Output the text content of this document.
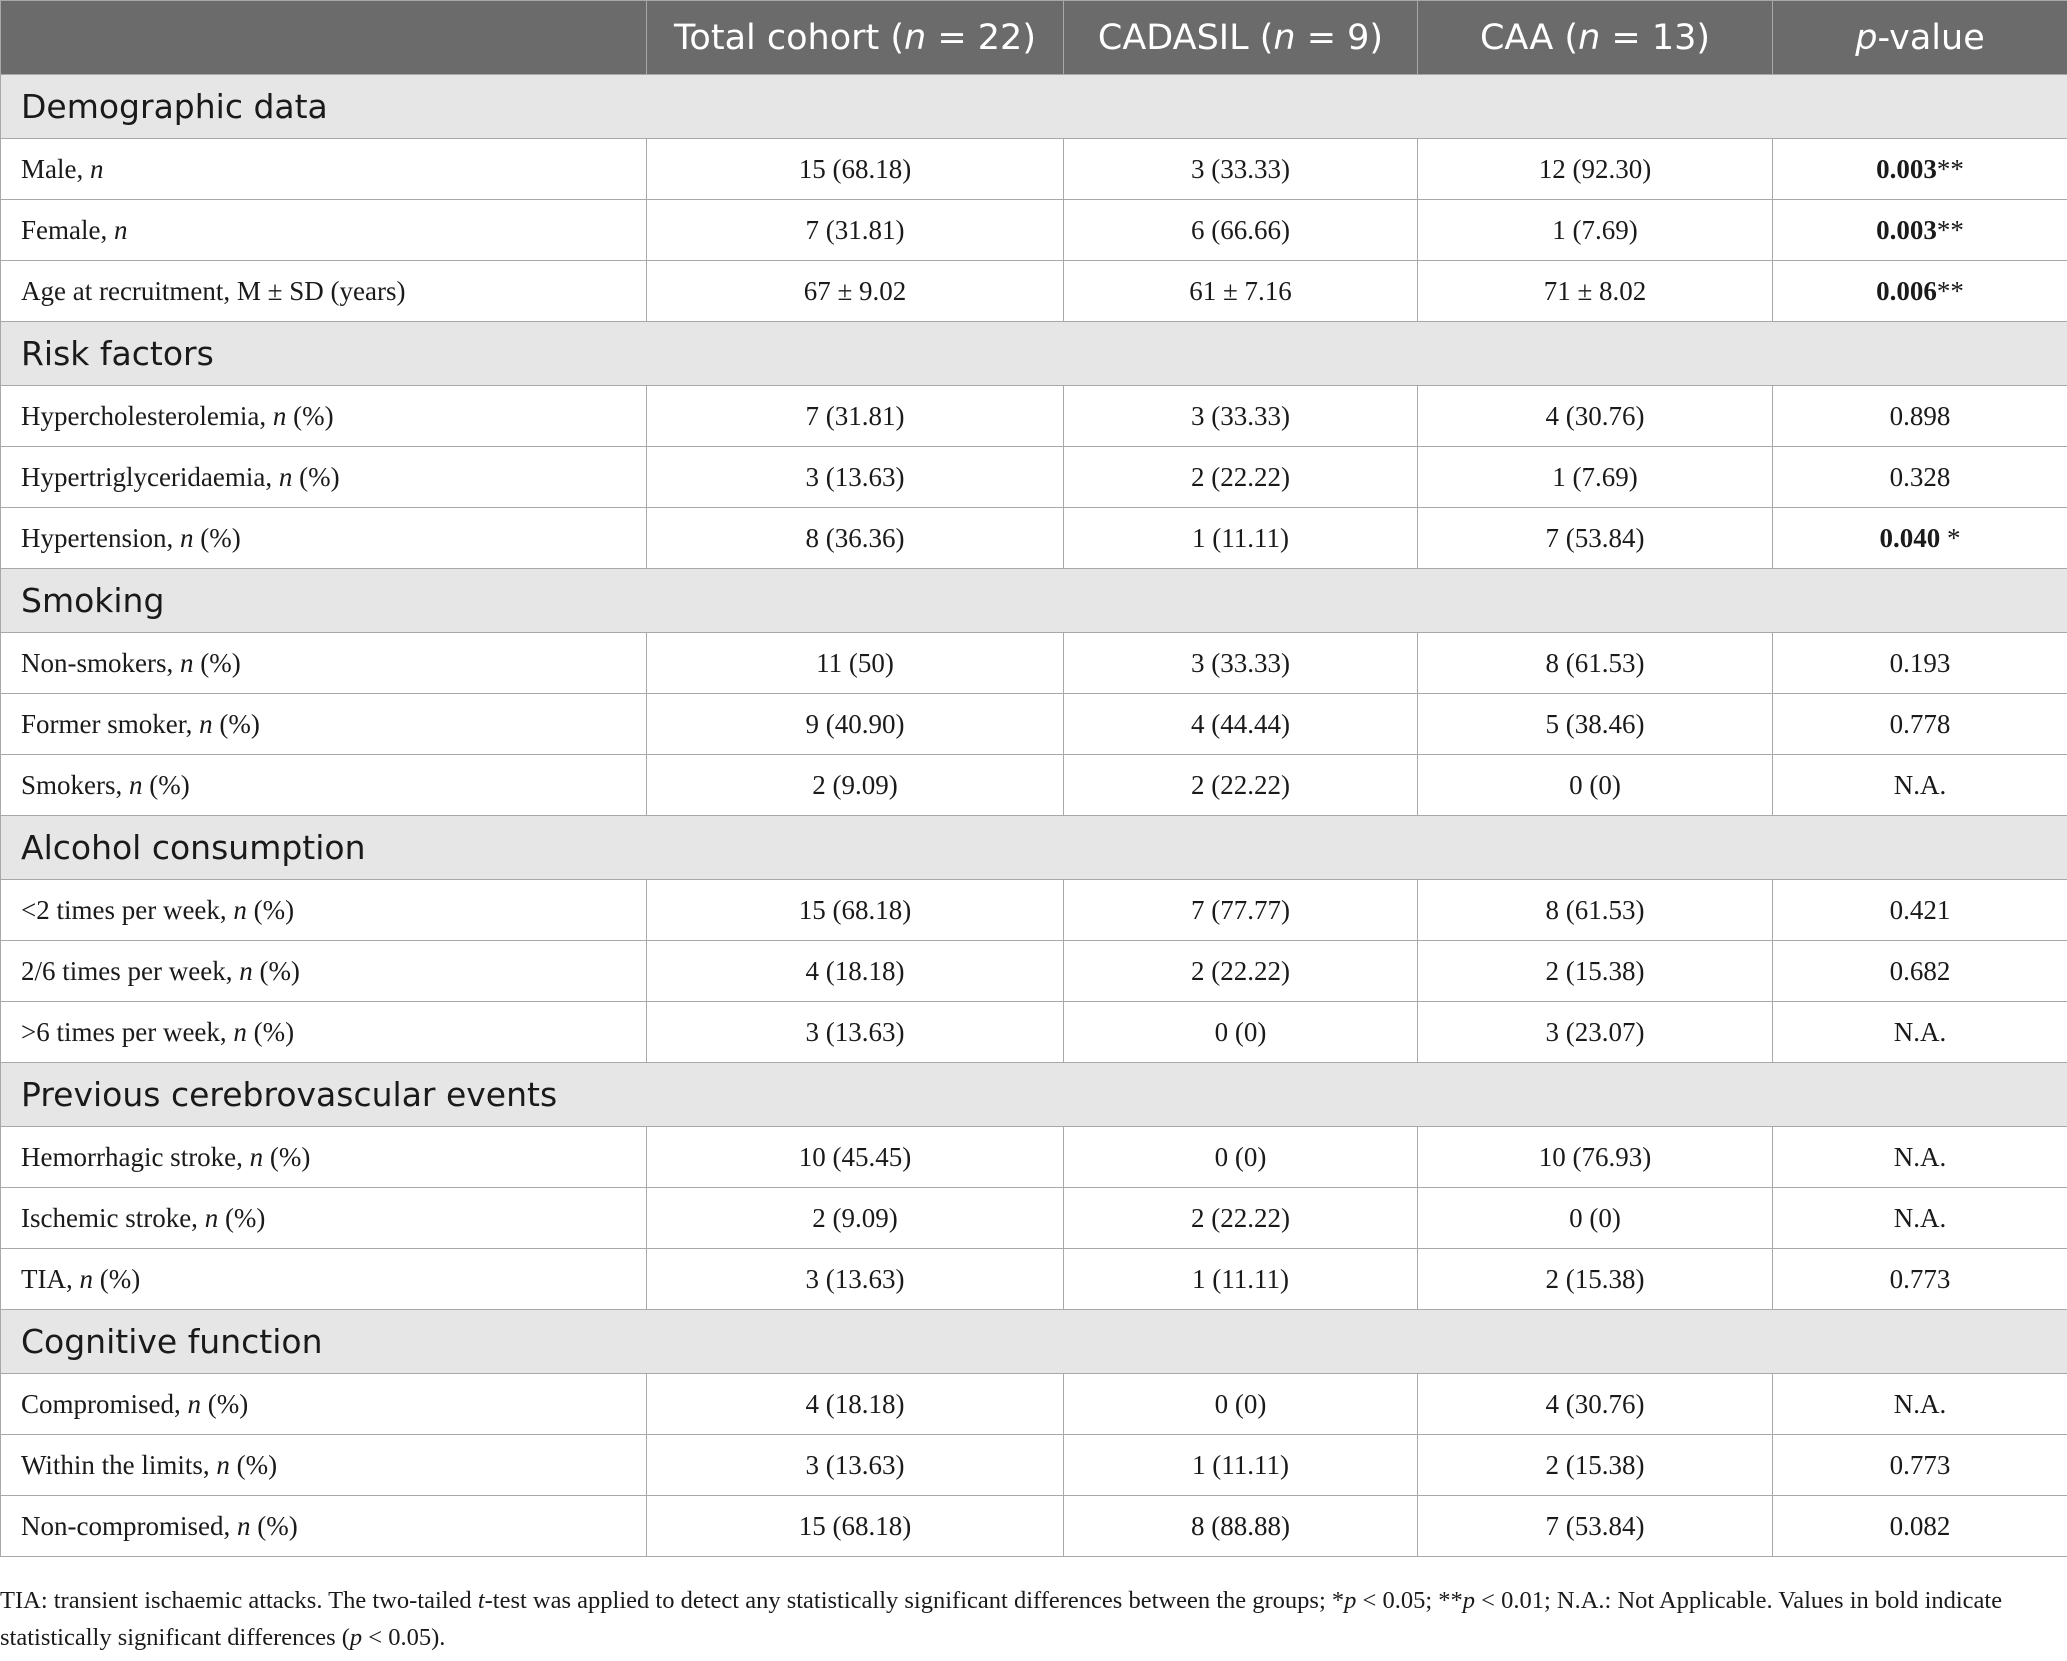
	Total cohort (n = 22)	CADASIL (n = 9)	CAA (n = 13)	p-value
Demographic data				
Male, n	15 (68.18)	3 (33.33)	12 (92.30)	0.003**
Female, n	7 (31.81)	6 (66.66)	1 (7.69)	0.003**
Age at recruitment, M ± SD (years)	67 ± 9.02	61 ± 7.16	71 ± 8.02	0.006**
Risk factors				
Hypercholesterolemia, n (%)	7 (31.81)	3 (33.33)	4 (30.76)	0.898
Hypertriglyceridaemia, n (%)	3 (13.63)	2 (22.22)	1 (7.69)	0.328
Hypertension, n (%)	8 (36.36)	1 (11.11)	7 (53.84)	0.040 *
Smoking				
Non-smokers, n (%)	11 (50)	3 (33.33)	8 (61.53)	0.193
Former smoker, n (%)	9 (40.90)	4 (44.44)	5 (38.46)	0.778
Smokers, n (%)	2 (9.09)	2 (22.22)	0 (0)	N.A.
Alcohol consumption				
<2 times per week, n (%)	15 (68.18)	7 (77.77)	8 (61.53)	0.421
2/6 times per week, n (%)	4 (18.18)	2 (22.22)	2 (15.38)	0.682
>6 times per week, n (%)	3 (13.63)	0 (0)	3 (23.07)	N.A.
Previous cerebrovascular events				
Hemorrhagic stroke, n (%)	10 (45.45)	0 (0)	10 (76.93)	N.A.
Ischemic stroke, n (%)	2 (9.09)	2 (22.22)	0 (0)	N.A.
TIA, n (%)	3 (13.63)	1 (11.11)	2 (15.38)	0.773
Cognitive function				
Compromised, n (%)	4 (18.18)	0 (0)	4 (30.76)	N.A.
Within the limits, n (%)	3 (13.63)	1 (11.11)	2 (15.38)	0.773
Non-compromised, n (%)	15 (68.18)	8 (88.88)	7 (53.84)	0.082

TIA: transient ischaemic attacks. The two-tailed t-test was applied to detect any statistically significant differences between the groups; *p < 0.05; **p < 0.01; N.A.: Not Applicable. Values in bold indicate statistically significant differences (p < 0.05).
